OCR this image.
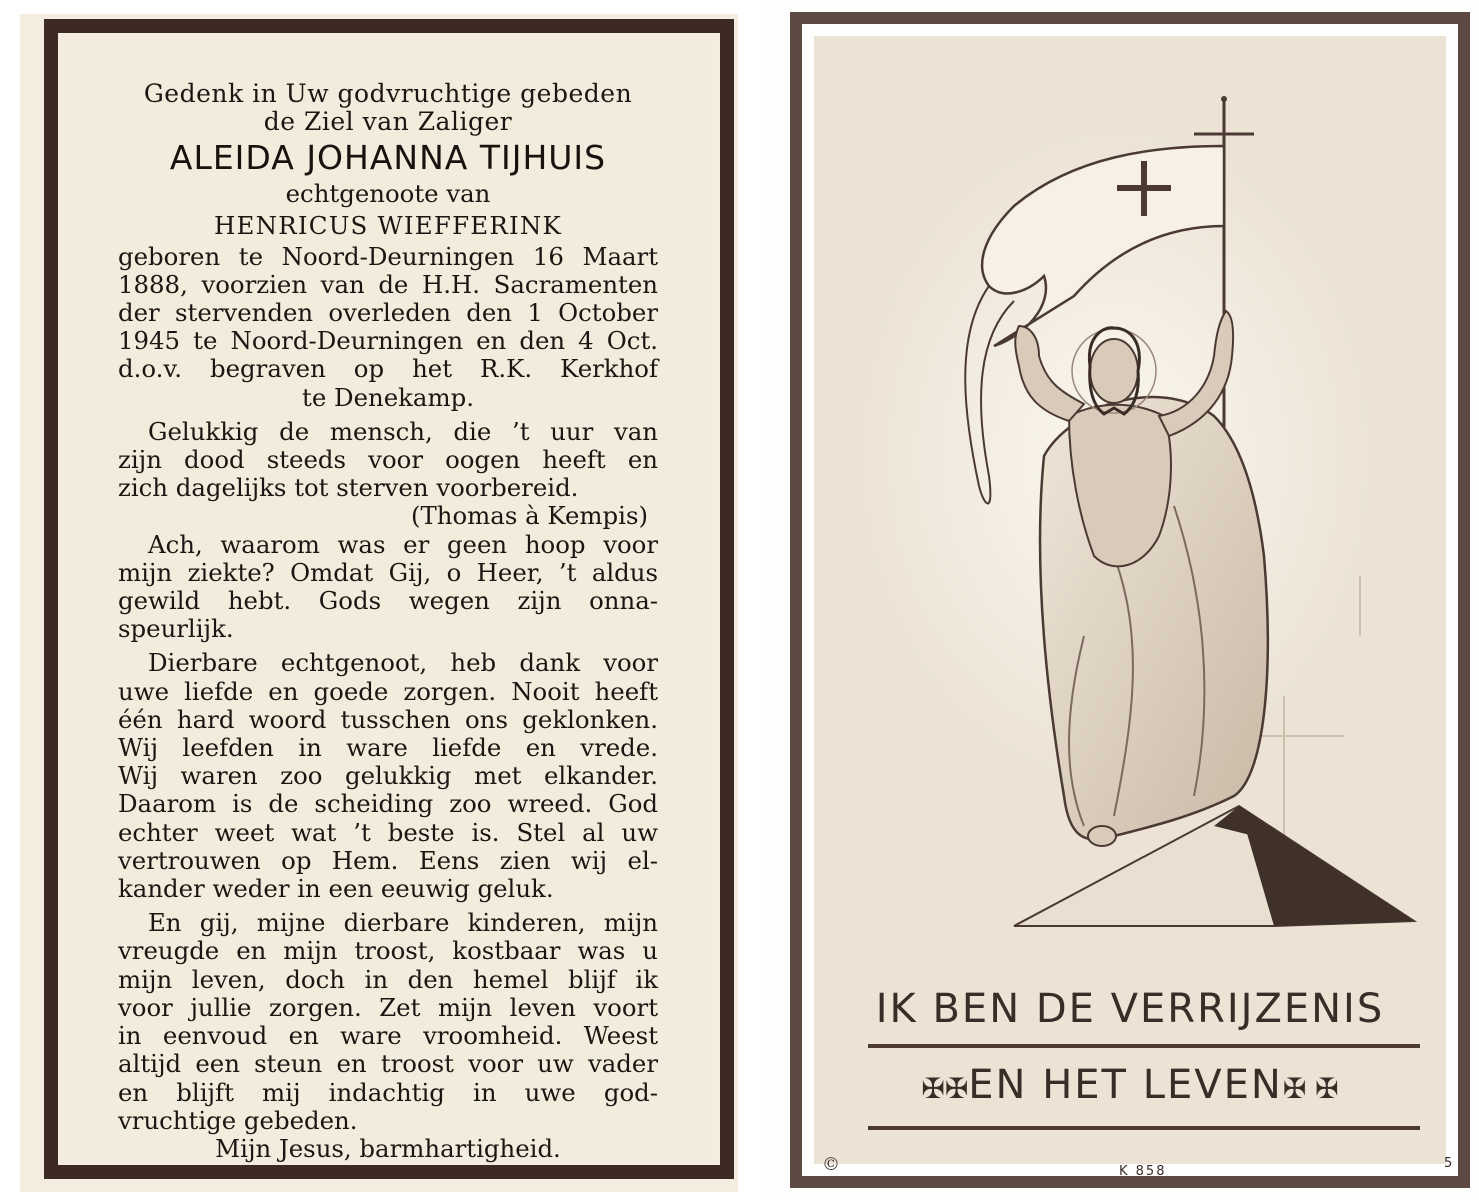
Gedenk in Uw godvruchtige gebeden
de Ziel van Zaliger
ALEIDA JOHANNA TIJHUIS
echtgenoote van
HENRICUS WIEFFERINK
geboren te Noord-Deurningen 16 Maart
1888, voorzien van de H.H. Sacramenten
der stervenden overleden den 1 October
1945 te Noord-Deurningen en den 4 Oct.
d.o.v. begraven op het R.K. Kerkhof
te Denekamp.
Gelukkig de mensch, die ’t uur van
zijn dood steeds voor oogen heeft en
zich dagelijks tot sterven voorbereid.
(Thomas à Kempis)
Ach, waarom was er geen hoop voor
mijn ziekte? Omdat Gij, o Heer, ’t aldus
gewild hebt. Gods wegen zijn onna-
speurlijk.
Dierbare echtgenoot, heb dank voor
uwe liefde en goede zorgen. Nooit heeft
één hard woord tusschen ons geklonken.
Wij leefden in ware liefde en vrede.
Wij waren zoo gelukkig met elkander.
Daarom is de scheiding zoo wreed. God
echter weet wat ’t beste is. Stel al uw
vertrouwen op Hem. Eens zien wij el-
kander weder in een eeuwig geluk.
En gij, mijne dierbare kinderen, mijn
vreugde en mijn troost, kostbaar was u
mijn leven, doch in den hemel blijf ik
voor jullie zorgen. Zet mijn leven voort
in eenvoud en ware vroomheid. Weest
altijd een steun en troost voor uw vader
en blijft mij indachtig in uwe god-
vruchtige gebeden.
Mijn Jesus, barmhartigheid.
IK BEN DE VERRIJZENIS
✠✠EN HET LEVEN✠ ✠
©	K 858
5
